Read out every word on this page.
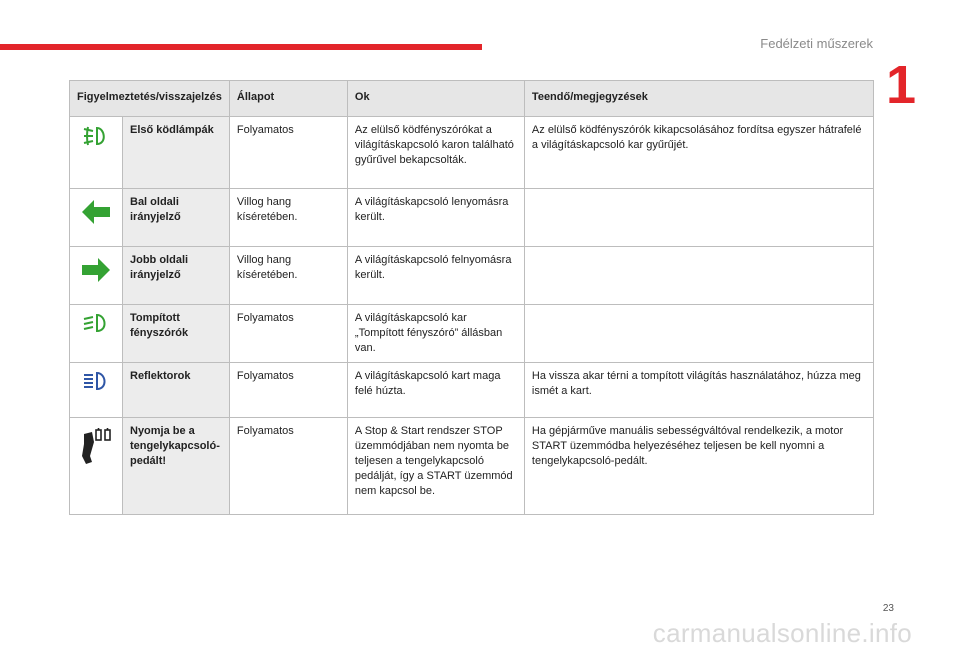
Fedélzeti műszerek
1
Figyelmeztetés/visszajelzés		Állapot	Ok	Teendő/megjegyzések

	Első ködlámpák	Folyamatos	Az elülső ködfényszórókat a világításkapcsoló karon található gyűrűvel bekapcsolták.	Az elülső ködfényszórók kikapcsolásához fordítsa egyszer hátrafelé a világításkapcsoló kar gyűrűjét.

	Bal oldali irányjelző	Villog hang kíséretében.	A világításkapcsoló lenyomásra került.	

	Jobb oldali irányjelző	Villog hang kíséretében.	A világításkapcsoló felnyomásra került.	

	Tompított fényszórók	Folyamatos	A világításkapcsoló kar „Tompított fényszóró” állásban van.	

	Reflektorok	Folyamatos	A világításkapcsoló kart maga felé húzta.	Ha vissza akar térni a tompított világítás használatához, húzza meg ismét a kart.

	Nyomja be a tengelykapcsoló-pedált!	Folyamatos	A Stop & Start rendszer STOP üzemmódjában nem nyomta be teljesen a tengelykapcsoló pedálját, így a START üzemmód nem kapcsol be.	Ha gépjárműve manuális sebességváltóval rendelkezik, a motor START üzemmódba helyezéséhez teljesen be kell nyomni a tengelykapcsoló-pedált.
23
carmanualsonline.info
